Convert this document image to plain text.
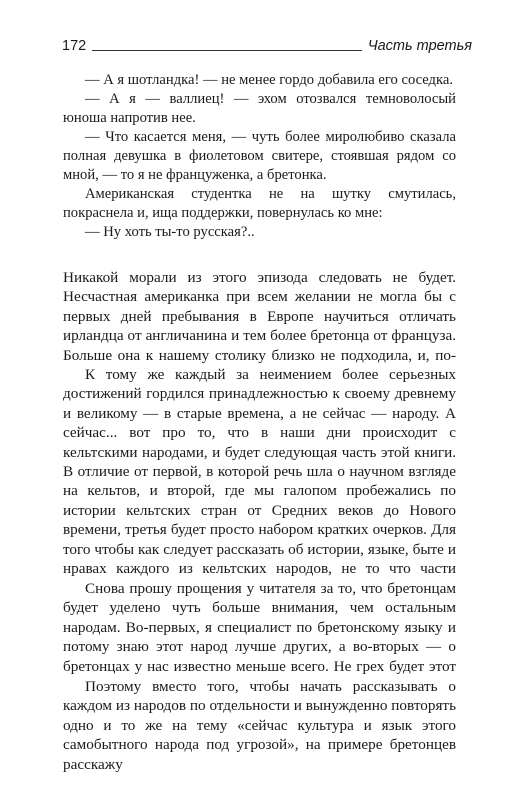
172	Часть третья

— А я шотландка! — не менее гордо добавила его соседка.

— А я — валлиец! — эхом отозвался темноволосый юноша напротив нее.

— Что касается меня, — чуть более миролюбиво сказала полная девушка в фиолетовом свитере, стоявшая рядом со мной, — то я не француженка, а бретонка.

Американская студентка не на шутку смутилась, покраснела и, ища поддержки, повернулась ко мне:

— Ну хоть ты-то русская?..

Никакой морали из этого эпизода следовать не будет. Несчастная американка при всем желании не могла бы с первых дней пребывания в Европе научиться отличать ирландца от англичанина и тем более бретонца от француза. Больше она к нашему столику близко не подходила, и, по-

К тому же каждый за неимением более серьезных достижений гордился принадлежностью к своему древнему и великому — в старые времена, а не сейчас — народу. А сейчас... вот про то, что в наши дни происходит с кельтскими народами, и будет следующая часть этой книги. В отличие от первой, в которой речь шла о научном взгляде на кельтов, и второй, где мы галопом пробежались по истории кельтских стран от Средних веков до Нового времени, третья будет просто набором кратких очерков. Для того чтобы как следует рассказать об истории, языке, быте и нравах каждого из кельтских народов, не то что части

Снова прошу прощения у читателя за то, что бретонцам будет уделено чуть больше внимания, чем остальным народам. Во-первых, я специалист по бретонскому языку и потому знаю этот народ лучше других, а во-вторых — о бретонцах у нас известно меньше всего. Не грех будет этот

Поэтому вместо того, чтобы начать рассказывать о каждом из народов по отдельности и вынужденно повторять одно и то же на тему «сейчас культура и язык этого самобытного народа под угрозой», на примере бретонцев расскажу
